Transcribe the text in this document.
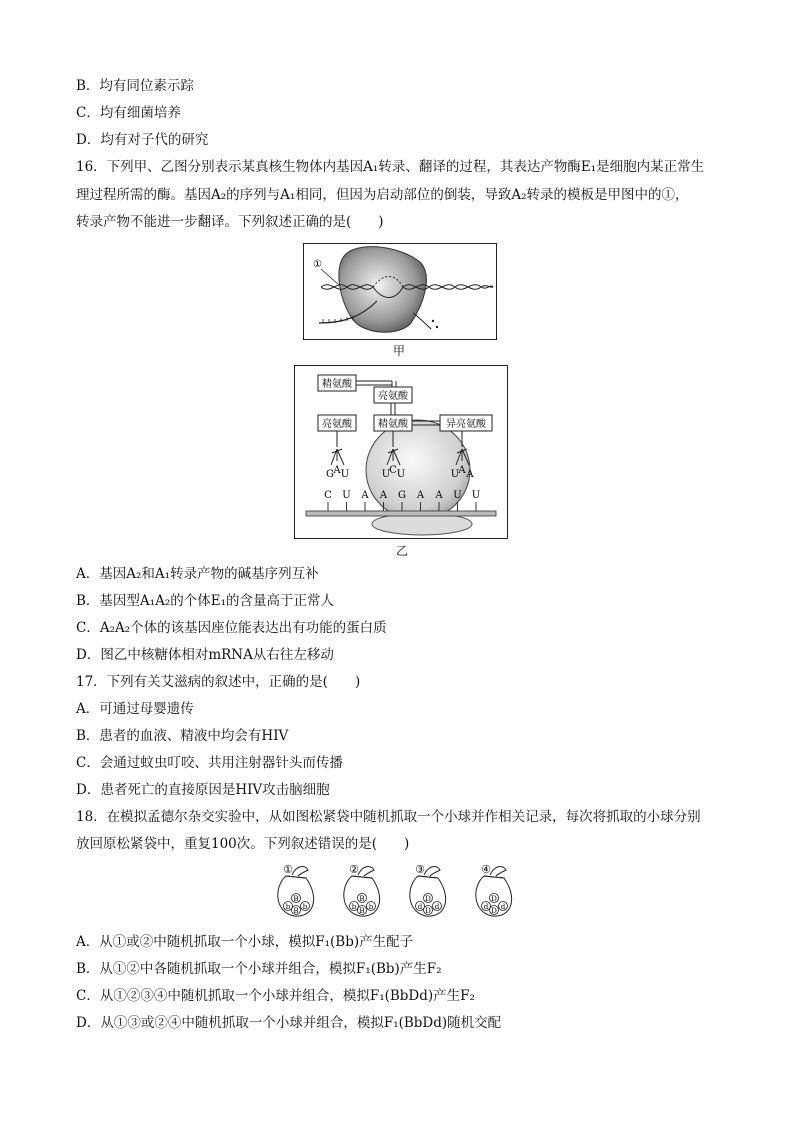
B．均有同位素示踪
C．均有细菌培养
D．均有对子代的研究
16．下列甲、乙图分别表示某真核生物体内基因A₁转录、翻译的过程，其表达产物酶E₁是细胞内某正常生
理过程所需的酶。基因A₂的序列与A₁相同，但因为启动部位的倒装，导致A₂转录的模板是甲图中的①，
转录产物不能进一步翻译。下列叙述正确的是(　　)
①
甲
C U A A G A A U U
精氨酸
亮氨酸
亮氨酸	精氨酸	异亮氨酸
G A U	U
C U	U A A
乙
A．基因A₂和A₁转录产物的碱基序列互补
B．基因型A₁A₂的个体E₁的含量高于正常人
C．A₂A₂个体的该基因座位能表达出有功能的蛋白质
D．图乙中核糖体相对mRNA从右往左移动
17．下列有关艾滋病的叙述中，正确的是(　　)
A．可通过母婴遗传
B．患者的血液、精液中均会有HIV
C．会通过蚊虫叮咬、共用注射器针头而传播
D．患者死亡的直接原因是HIV攻击脑细胞
18．在模拟孟德尔杂交实验中，从如图松紧袋中随机抓取一个小球并作相关记录，每次将抓取的小球分别
放回原松紧袋中，重复100次。下列叙述错误的是(　　)
①
b
B
B b
②
b
B
B b
③
d
D
D d
④
d
D
D d
A．从①或②中随机抓取一个小球，模拟F₁(Bb)产生配子
B．从①②中各随机抓取一个小球并组合，模拟F₁(Bb)产生F₂
C．从①②③④中随机抓取一个小球并组合，模拟F₁(BbDd)产生F₂
D．从①③或②④中随机抓取一个小球并组合，模拟F₁(BbDd)随机交配
